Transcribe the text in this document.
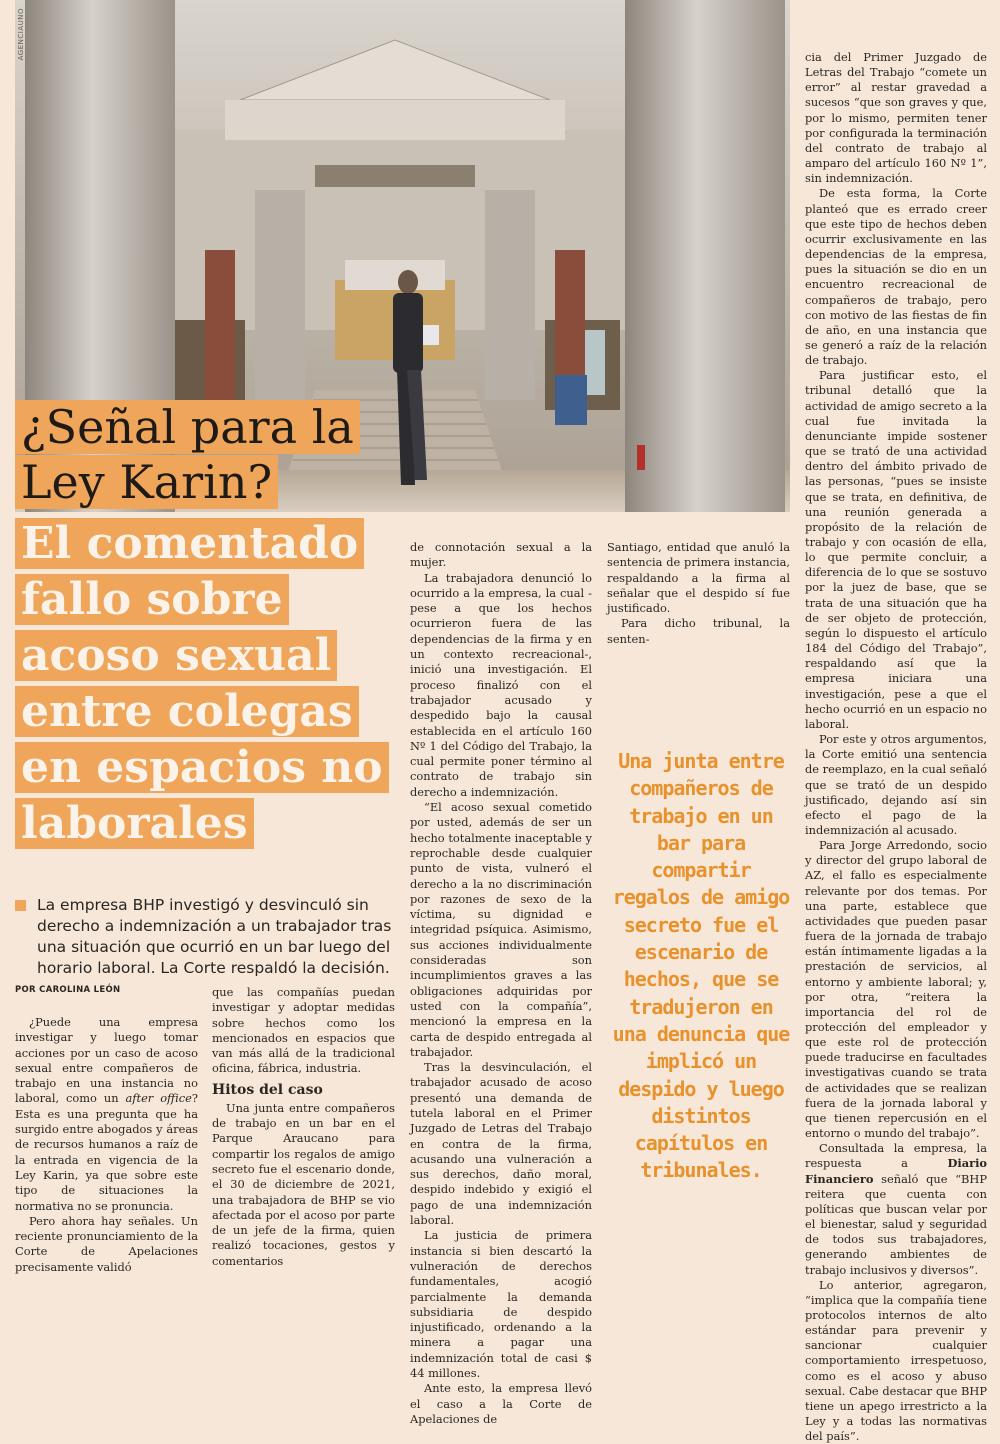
AGENCIAUNO
¿Señal para la Ley Karin?
El comentado fallo sobre acoso sexual entre colegas en espacios no laborales
La empresa BHP investigó y desvinculó sin derecho a indemnización a un trabajador tras una situación que ocurrió en un bar luego del horario laboral. La Corte respaldó la decisión.
POR CAROLINA LEÓN

¿Puede una empresa investigar y luego tomar acciones por un caso de acoso sexual entre compañeros de trabajo en una instancia no laboral, como un after office? Esta es una pregunta que ha surgido entre abogados y áreas de recursos humanos a raíz de la entrada en vigencia de la Ley Karin, ya que sobre este tipo de situaciones la normativa no se pronuncia.

Pero ahora hay señales. Un reciente pronunciamiento de la Corte de Apelaciones precisamente validó

que las compañías puedan investigar y adoptar medidas sobre hechos como los mencionados en espacios que van más allá de la tradicional oficina, fábrica, industria.

Hitos del caso

Una junta entre compañeros de trabajo en un bar en el Parque Araucano para compartir los regalos de amigo secreto fue el escenario donde, el 30 de diciembre de 2021, una trabajadora de BHP se vio afectada por el acoso por parte de un jefe de la firma, quien realizó tocaciones, gestos y comentarios

de connotación sexual a la mujer.

La trabajadora denunció lo ocurrido a la empresa, la cual -pese a que los hechos ocurrieron fuera de las dependencias de la firma y en un contexto recreacional-, inició una investigación. El proceso finalizó con el trabajador acusado y despedido bajo la causal establecida en el artículo 160 Nº 1 del Código del Trabajo, la cual permite poner término al contrato de trabajo sin derecho a indemnización.

“El acoso sexual cometido por usted, además de ser un hecho totalmente inaceptable y reprochable desde cualquier punto de vista, vulneró el derecho a la no discriminación por razones de sexo de la víctima, su dignidad e integridad psíquica. Asimismo, sus acciones individualmente consideradas son incumplimientos graves a las obligaciones adquiridas por usted con la compañía”, mencionó la empresa en la carta de despido entregada al trabajador.

Tras la desvinculación, el trabajador acusado de acoso presentó una demanda de tutela laboral en el Primer Juzgado de Letras del Trabajo en contra de la firma, acusando una vulneración a sus derechos, daño moral, despido indebido y exigió el pago de una indemnización laboral.

La justicia de primera instancia si bien descartó la vulneración de derechos fundamentales, acogió parcialmente la demanda subsidiaria de despido injustificado, ordenando a la minera a pagar una indemnización total de casi $ 44 millones.

Ante esto, la empresa llevó el caso a la Corte de Apelaciones de

Santiago, entidad que anuló la sentencia de primera instancia, respaldando a la firma al señalar que el despido sí fue justificado.

Para dicho tribunal, la senten-

Una junta entre compañeros de trabajo en un bar para compartir regalos de amigo secreto fue el escenario de hechos, que se tradujeron en una denuncia que implicó un despido y luego distintos capítulos en tribunales.

cia del Primer Juzgado de Letras del Trabajo “comete un error” al restar gravedad a sucesos “que son graves y que, por lo mismo, permiten tener por configurada la terminación del contrato de trabajo al amparo del artículo 160 Nº 1”, sin indemnización.

De esta forma, la Corte planteó que es errado creer que este tipo de hechos deben ocurrir exclusivamente en las dependencias de la empresa, pues la situación se dio en un encuentro recreacional de compañeros de trabajo, pero con motivo de las fiestas de fin de año, en una instancia que se generó a raíz de la relación de trabajo.

Para justificar esto, el tribunal detalló que la actividad de amigo secreto a la cual fue invitada la denunciante impide sostener que se trató de una actividad dentro del ámbito privado de las personas, “pues se insiste que se trata, en definitiva, de una reunión generada a propósito de la relación de trabajo y con ocasión de ella, lo que permite concluir, a diferencia de lo que se sostuvo por la juez de base, que se trata de una situación que ha de ser objeto de protección, según lo dispuesto el artículo 184 del Código del Trabajo”, respaldando así que la empresa iniciara una investigación, pese a que el hecho ocurrió en un espacio no laboral.

Por este y otros argumentos, la Corte emitió una sentencia de reemplazo, en la cual señaló que se trató de un despido justificado, dejando así sin efecto el pago de la indemnización al acusado.

Para Jorge Arredondo, socio y director del grupo laboral de AZ, el fallo es especialmente relevante por dos temas. Por una parte, establece que actividades que pueden pasar fuera de la jornada de trabajo están íntimamente ligadas a la prestación de servicios, al entorno y ambiente laboral; y, por otra, “reitera la importancia del rol de protección del empleador y que este rol de protección puede traducirse en facultades investigativas cuando se trata de actividades que se realizan fuera de la jornada laboral y que tienen repercusión en el entorno o mundo del trabajo”.

Consultada la empresa, la respuesta a Diario Financiero señaló que “BHP reitera que cuenta con políticas que buscan velar por el bienestar, salud y seguridad de todos sus trabajadores, generando ambientes de trabajo inclusivos y diversos”.

Lo anterior, agregaron, “implica que la compañía tiene protocolos internos de alto estándar para prevenir y sancionar cualquier comportamiento irrespetuoso, como es el acoso y abuso sexual. Cabe destacar que BHP tiene un apego irrestricto a la Ley y a todas las normativas del país”.
